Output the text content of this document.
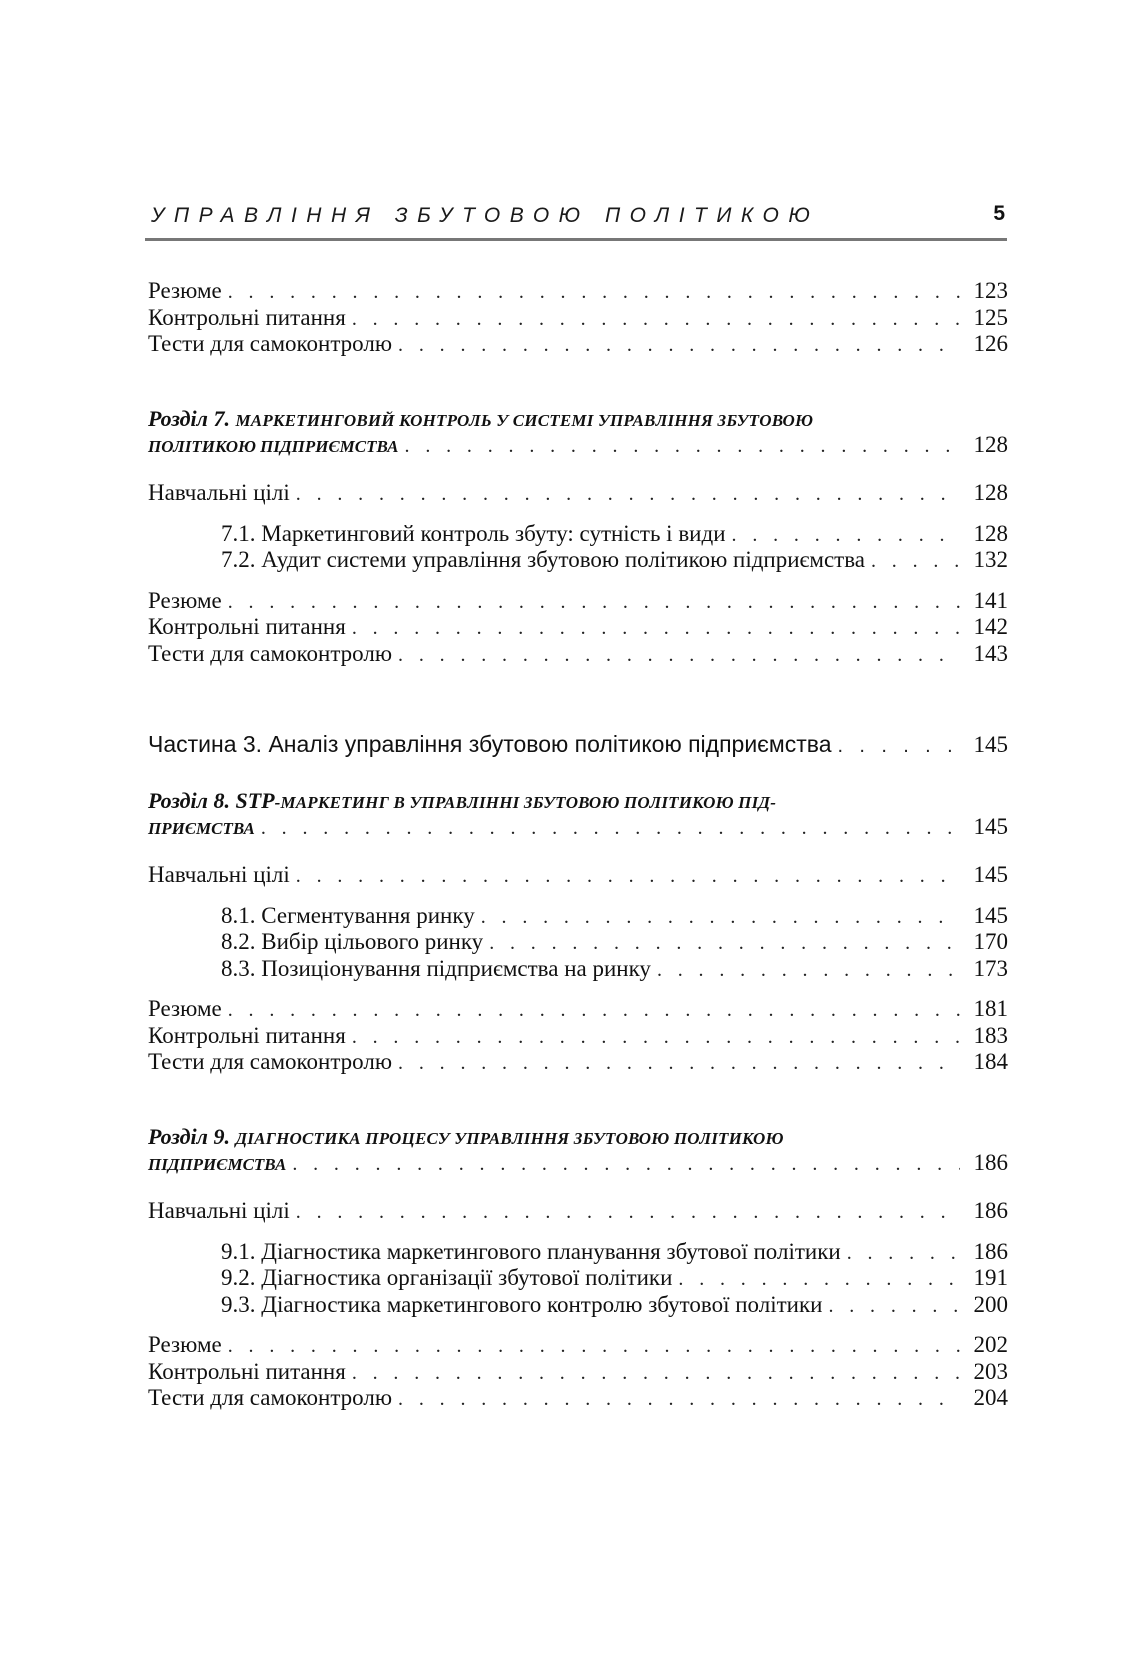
УПРАВЛІННЯ ЗБУТОВОЮ ПОЛІТИКОЮ	5
Резюме . . .	123
Контрольні питання . . .	125
Тести для самоконтролю . . .	126
Розділ 7. МАРКЕТИНГОВИЙ КОНТРОЛЬ У СИСТЕМІ УПРАВЛІННЯ ЗБУТОВОЮ
ПОЛІТИКОЮ ПІДПРИЄМСТВА . . .	128
Навчальні цілі . . .	128
7.1. Маркетинговий контроль збуту: сутність і види . . .	128
7.2. Аудит системи управління збутовою політикою підприємства . . .	132
Резюме . . .	141
Контрольні питання . . .	142
Тести для самоконтролю . . .	143
Частина 3. Аналіз управління збутовою політикою підприємства . . .	145
Розділ 8. STP-МАРКЕТИНГ В УПРАВЛІННІ ЗБУТОВОЮ ПОЛІТИКОЮ ПІД-
ПРИЄМСТВА . . .	145
Навчальні цілі . . .	145
8.1. Сегментування ринку . . .	145
8.2. Вибір цільового ринку . . .	170
8.3. Позиціонування підприємства на ринку . . .	173
Резюме . . .	181
Контрольні питання . . .	183
Тести для самоконтролю . . .	184
Розділ 9. ДІАГНОСТИКА ПРОЦЕСУ УПРАВЛІННЯ ЗБУТОВОЮ ПОЛІТИКОЮ
ПІДПРИЄМСТВА . . .	186
Навчальні цілі . . .	186
9.1. Діагностика маркетингового планування збутової політики . . .	186
9.2. Діагностика організації збутової політики . . .	191
9.3. Діагностика маркетингового контролю збутової політики . . .	200
Резюме . . .	202
Контрольні питання . . .	203
Тести для самоконтролю . . .	204
